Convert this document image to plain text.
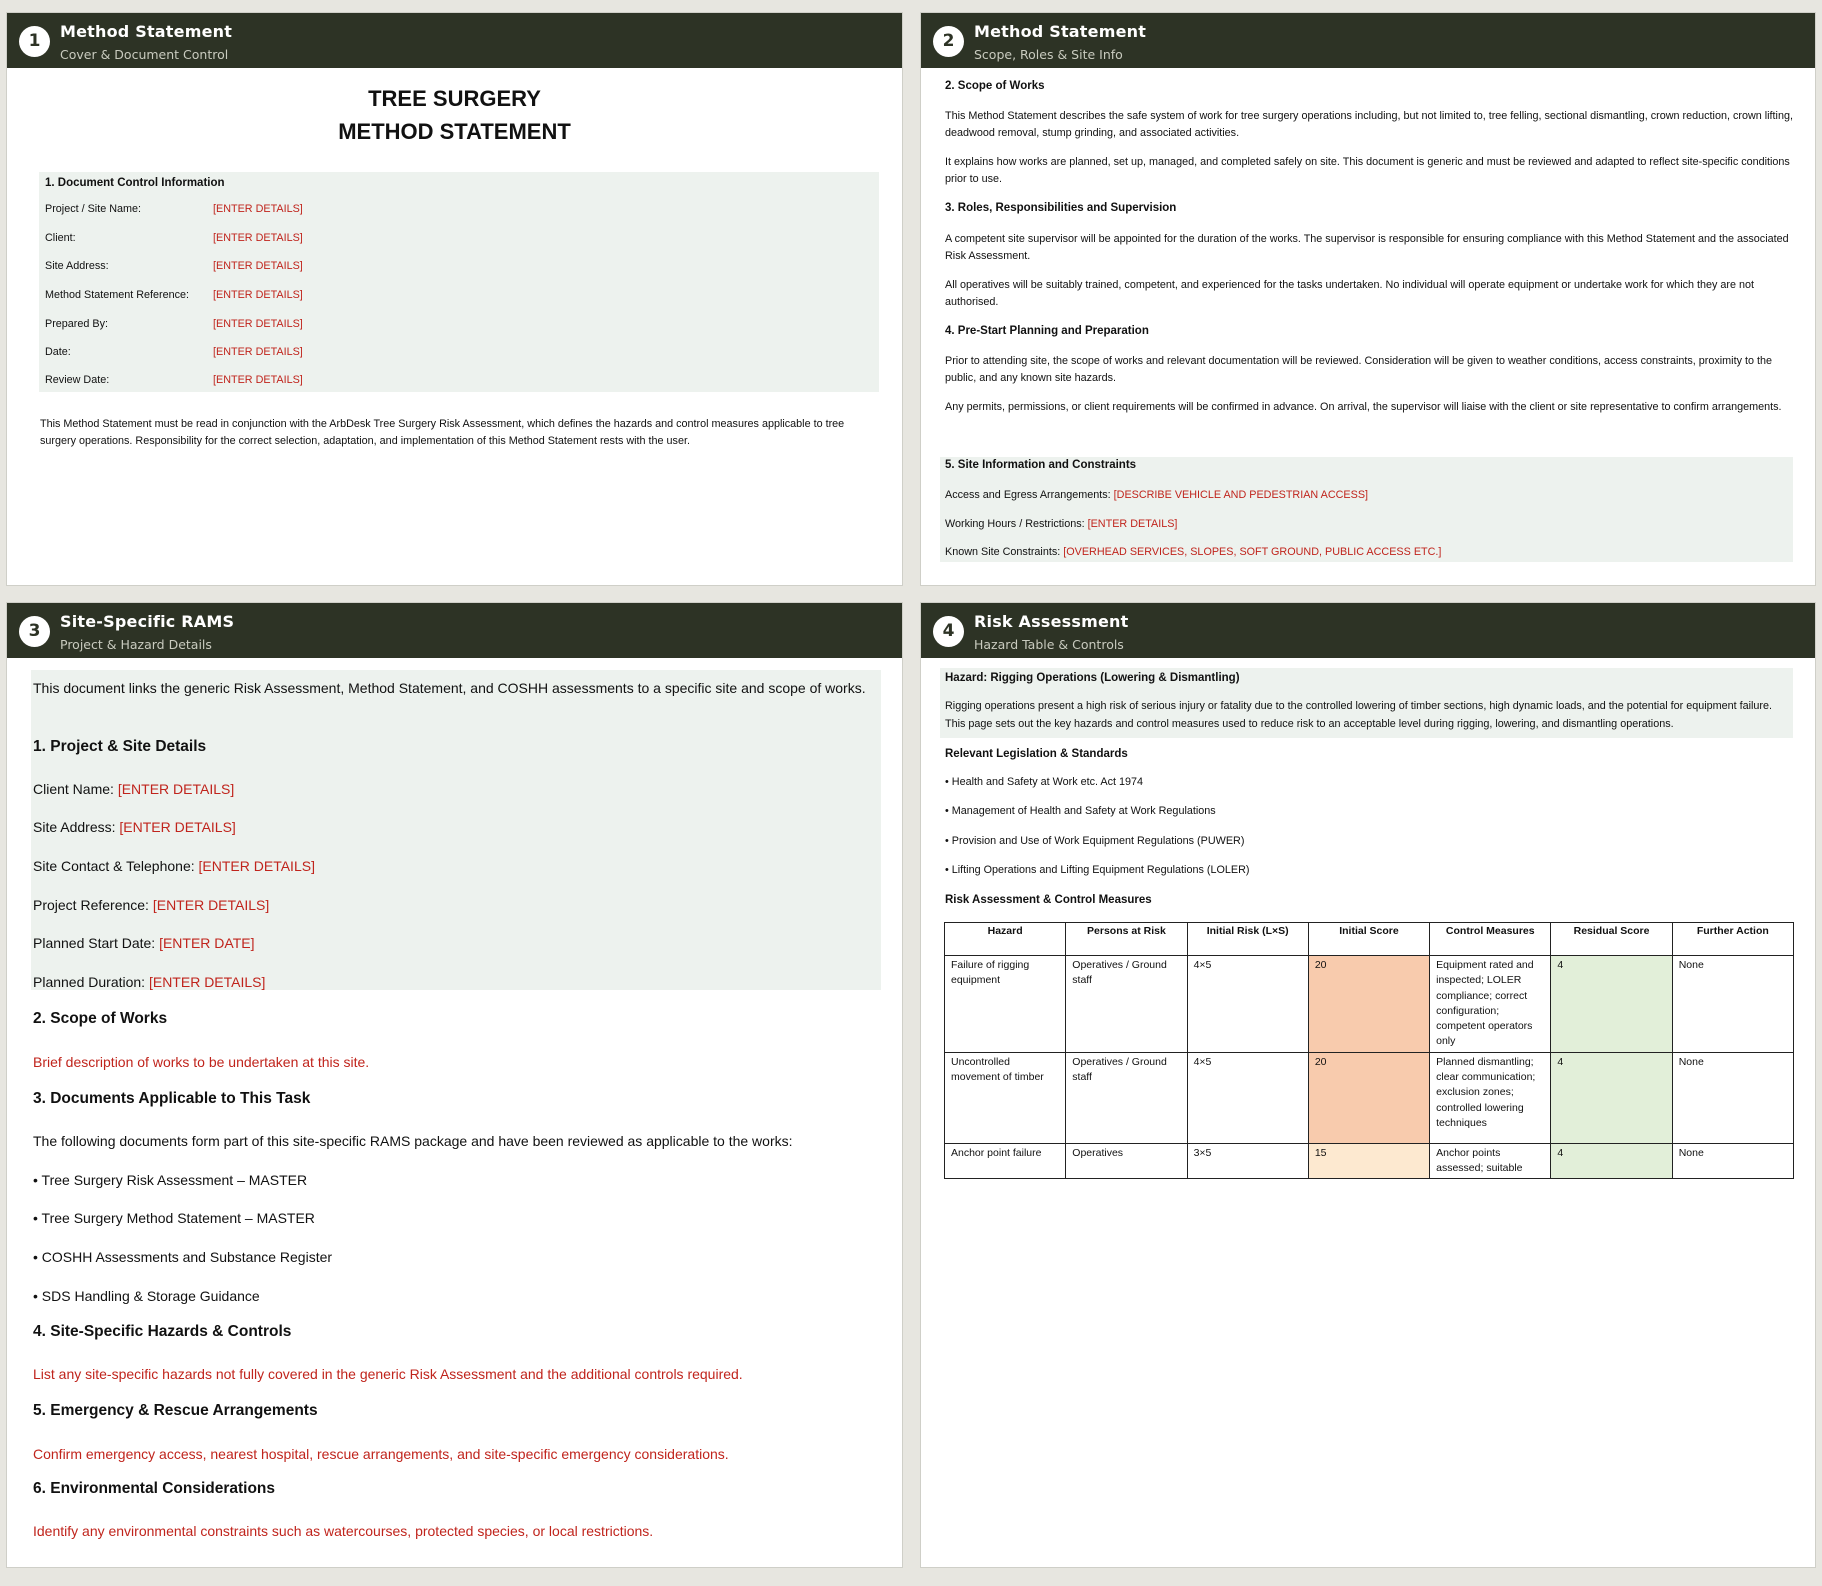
1	Method Statement
Cover & Document Control
TREE SURGERY
METHOD STATEMENT
1. Document Control Information
Project / Site Name:	[ENTER DETAILS]
Client:	[ENTER DETAILS]
Site Address:	[ENTER DETAILS]
Method Statement Reference: [ENTER DETAILS]
Prepared By:	[ENTER DETAILS]
Date:	[ENTER DETAILS]
Review Date:	[ENTER DETAILS]
This Method Statement must be read in conjunction with the ArbDesk Tree Surgery Risk Assessment, which defines the hazards and control measures applicable to tree surgery operations. Responsibility for the correct selection, adaptation, and implementation of this Method Statement rests with the user.
2	Method Statement
Scope, Roles & Site Info
2. Scope of Works
This Method Statement describes the safe system of work for tree surgery operations including, but not limited to, tree felling, sectional dismantling, crown reduction, crown lifting, deadwood removal, stump grinding, and associated activities.
It explains how works are planned, set up, managed, and completed safely on site. This document is generic and must be reviewed and adapted to reflect site-specific conditions prior to use.
3. Roles, Responsibilities and Supervision
A competent site supervisor will be appointed for the duration of the works. The supervisor is responsible for ensuring compliance with this Method Statement and the associated Risk Assessment.
All operatives will be suitably trained, competent, and experienced for the tasks undertaken. No individual will operate equipment or undertake work for which they are not authorised.
4. Pre-Start Planning and Preparation
Prior to attending site, the scope of works and relevant documentation will be reviewed. Consideration will be given to weather conditions, access constraints, proximity to the public, and any known site hazards.
Any permits, permissions, or client requirements will be confirmed in advance. On arrival, the supervisor will liaise with the client or site representative to confirm arrangements.
5. Site Information and Constraints
Access and Egress Arrangements: [DESCRIBE VEHICLE AND PEDESTRIAN ACCESS]
Working Hours / Restrictions: [ENTER DETAILS]
Known Site Constraints: [OVERHEAD SERVICES, SLOPES, SOFT GROUND, PUBLIC ACCESS ETC.]
3	Site-Specific RAMS
Project & Hazard Details
This document links the generic Risk Assessment, Method Statement, and COSHH assessments to a specific site and scope of works.
1. Project & Site Details
Client Name: [ENTER DETAILS]
Site Address: [ENTER DETAILS]
Site Contact & Telephone: [ENTER DETAILS]
Project Reference: [ENTER DETAILS]
Planned Start Date: [ENTER DATE]
Planned Duration: [ENTER DETAILS]
2. Scope of Works
Brief description of works to be undertaken at this site.
3. Documents Applicable to This Task
The following documents form part of this site-specific RAMS package and have been reviewed as applicable to the works:
• Tree Surgery Risk Assessment – MASTER
• Tree Surgery Method Statement – MASTER
• COSHH Assessments and Substance Register
• SDS Handling & Storage Guidance
4. Site-Specific Hazards & Controls
List any site-specific hazards not fully covered in the generic Risk Assessment and the additional controls required.
5. Emergency & Rescue Arrangements
Confirm emergency access, nearest hospital, rescue arrangements, and site-specific emergency considerations.
6. Environmental Considerations
Identify any environmental constraints such as watercourses, protected species, or local restrictions.
4	Risk Assessment
Hazard Table & Controls
Hazard: Rigging Operations (Lowering & Dismantling)
Rigging operations present a high risk of serious injury or fatality due to the controlled lowering of timber sections, high dynamic loads, and the potential for equipment failure. This page sets out the key hazards and control measures used to reduce risk to an acceptable level during rigging, lowering, and dismantling operations.
Relevant Legislation & Standards
• Health and Safety at Work etc. Act 1974
• Management of Health and Safety at Work Regulations
• Provision and Use of Work Equipment Regulations (PUWER)
• Lifting Operations and Lifting Equipment Regulations (LOLER)
Risk Assessment & Control Measures
Hazard	Persons at Risk	Initial Risk (L×S)	Initial Score	Control Measures	Residual Score	Further Action
Failure of rigging equipment	Operatives / Ground staff	4×5	20	Equipment rated and inspected; LOLER compliance; correct configuration; competent operators only	4	None
Uncontrolled movement of timber	Operatives / Ground staff	4×5	20	Planned dismantling; clear communication; exclusion zones; controlled lowering techniques	4	None
Anchor point failure	Operatives	3×5	15	Anchor points assessed; suitable	4	None
